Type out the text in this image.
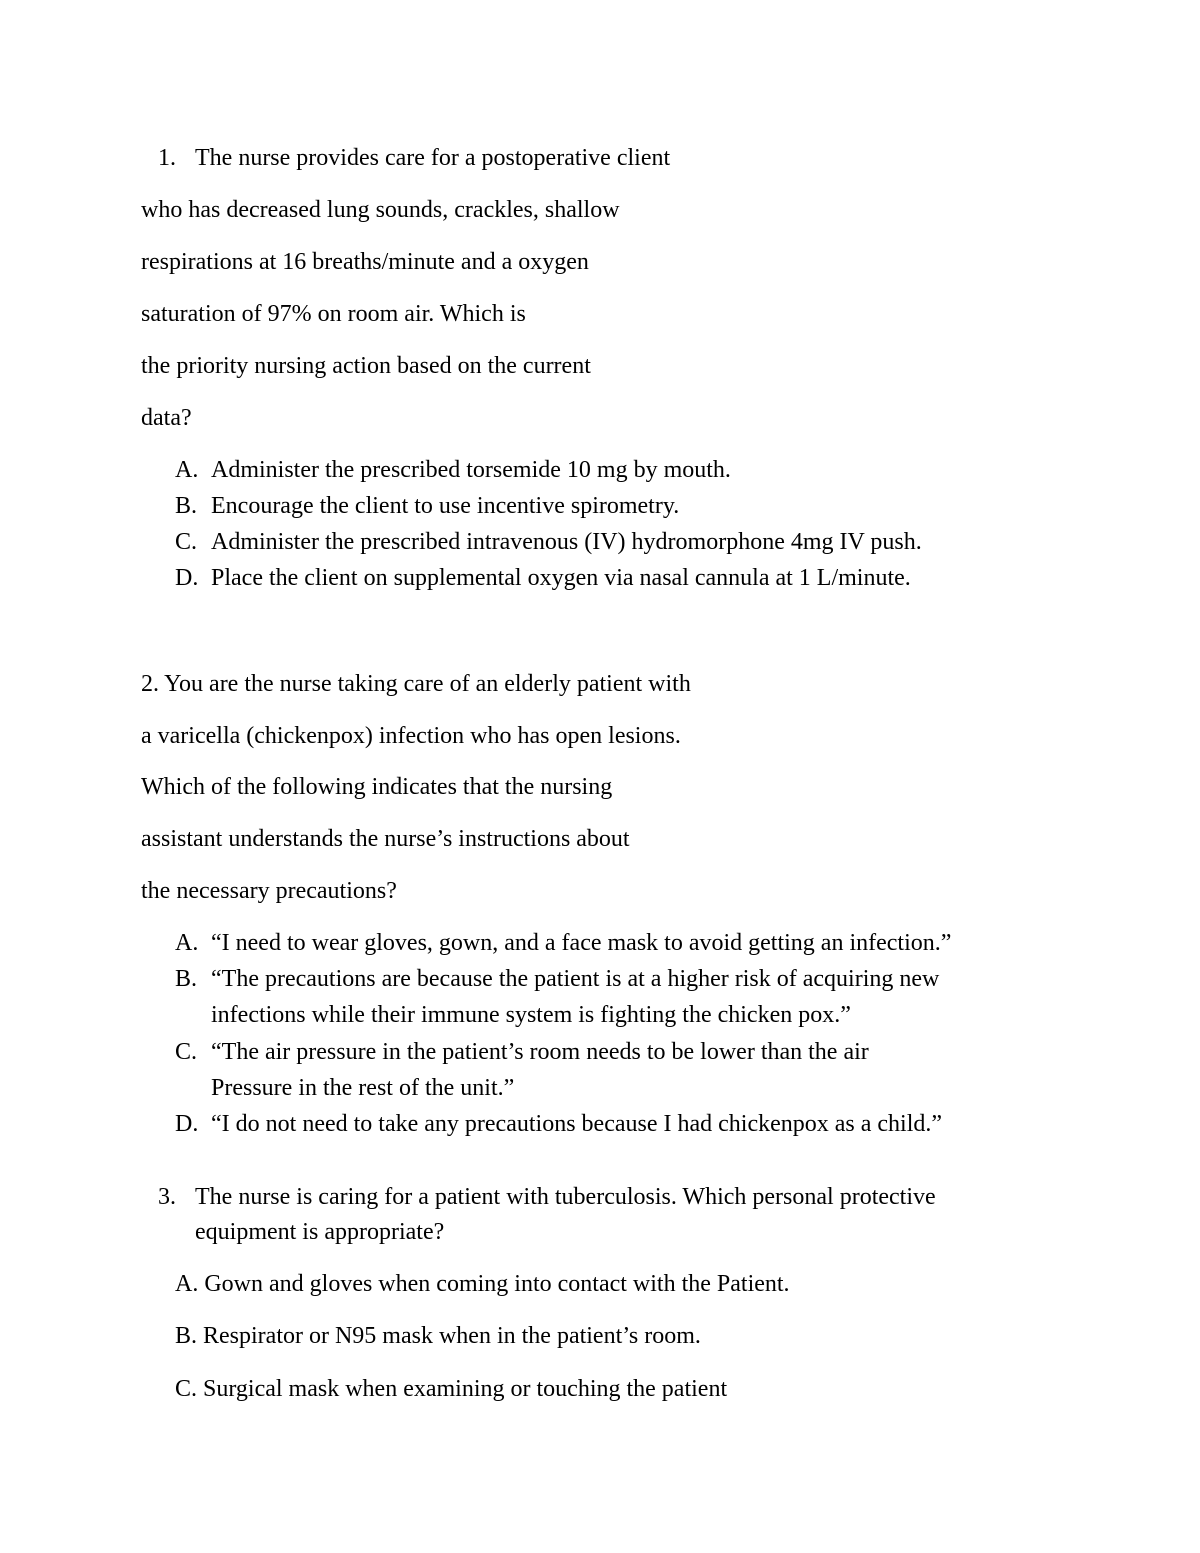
1. The nurse provides care for a postoperative client
who has decreased lung sounds, crackles, shallow
respirations at 16 breaths/minute and a oxygen
saturation of 97% on room air. Which is
the priority nursing action based on the current
data?
A. Administer the prescribed torsemide 10 mg by mouth.
B. Encourage the client to use incentive spirometry.
C. Administer the prescribed intravenous (IV) hydromorphone 4mg IV push.
D. Place the client on supplemental oxygen via nasal cannula at 1 L/minute.
2. You are the nurse taking care of an elderly patient with
a varicella (chickenpox) infection who has open lesions.
Which of the following indicates that the nursing
assistant understands the nurse’s instructions about
the necessary precautions?
A. “I need to wear gloves, gown, and a face mask to avoid getting an infection.”
B. “The precautions are because the patient is at a higher risk of acquiring new
infections while their immune system is fighting the chicken pox.”
C. “The air pressure in the patient’s room needs to be lower than the air
Pressure in the rest of the unit.”
D. “I do not need to take any precautions because I had chickenpox as a child.”
3. The nurse is caring for a patient with tuberculosis. Which personal protective
equipment is appropriate?
A. Gown and gloves when coming into contact with the Patient.
B. Respirator or N95 mask when in the patient’s room.
C. Surgical mask when examining or touching the patient
